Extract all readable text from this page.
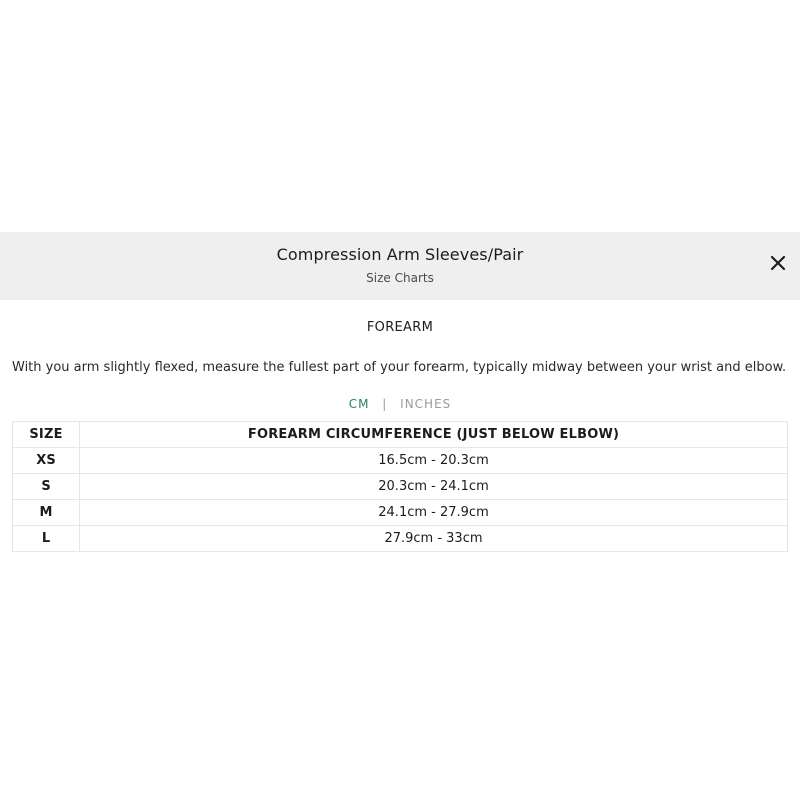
Compression Arm Sleeves/Pair
Size Charts
FOREARM
With you arm slightly flexed, measure the fullest part of your forearm, typically midway between your wrist and elbow.
CM | INCHES
SIZE	FOREARM CIRCUMFERENCE (JUST BELOW ELBOW)
XS	16.5cm - 20.3cm
S	20.3cm - 24.1cm
M	24.1cm - 27.9cm
L	27.9cm - 33cm
